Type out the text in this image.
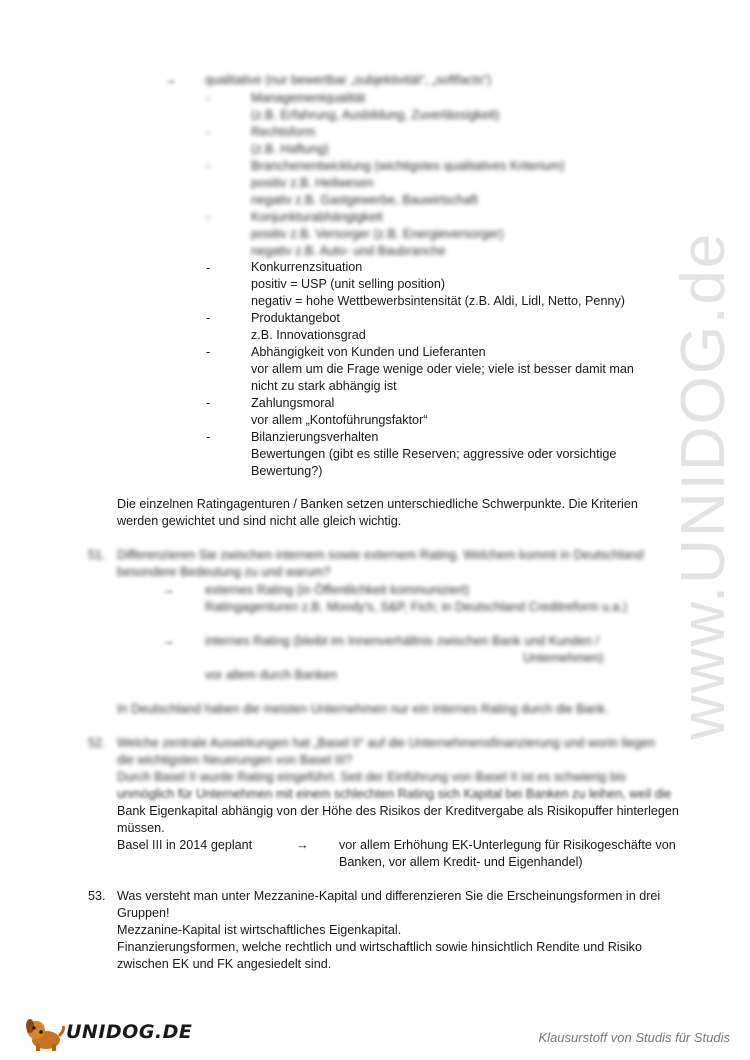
www.UNIDOG.de
→ qualitative (nur bewertbar „subjektivität“, „softfacts“)
-	Managementqualität
(z.B. Erfahrung, Ausbildung, Zuverlässigkeit)
-	Rechtsform
(z.B. Haftung)
-	Branchenentwicklung (wichtigstes qualitatives Kriterium)
positiv z.B. Heilwesen
negativ z.B. Gastgewerbe, Bauwirtschaft
-	Konjunkturabhängigkeit
positiv z.B. Versorger (z.B. Energieversorger)
negativ z.B. Auto- und Baubranche
-	Konkurrenzsituation
positiv = USP (unit selling position)
negativ = hohe Wettbewerbsintensität (z.B. Aldi, Lidl, Netto, Penny)
-	Produktangebot
z.B. Innovationsgrad
-	Abhängigkeit von Kunden und Lieferanten
vor allem um die Frage wenige oder viele; viele ist besser damit man
nicht zu stark abhängig ist
-	Zahlungsmoral
vor allem „Kontoführungsfaktor“
-	Bilanzierungsverhalten
Bewertungen (gibt es stille Reserven; aggressive oder vorsichtige
Bewertung?)
Die einzelnen Ratingagenturen / Banken setzen unterschiedliche Schwerpunkte. Die Kriterien
werden gewichtet und sind nicht alle gleich wichtig.
51. Differenzieren Sie zwischen internem sowie externem Rating. Welchem kommt in Deutschland
besondere Bedeutung zu und warum?
→ externes Rating (in Öffentlichkeit kommuniziert)
Ratingagenturen z.B. Moody's, S&P, Fich; in Deutschland Creditreform u.a.)
→ internes Rating (bleibt im Innenverhältnis zwischen Bank und Kunden /
Unternehmen)
vor allem durch Banken
In Deutschland haben die meisten Unternehmen nur ein internes Rating durch die Bank.
52. Welche zentrale Auswirkungen hat „Basel II“ auf die Unternehmensfinanzierung und worin liegen
die wichtigsten Neuerungen von Basel III?
Durch Basel II wurde Rating eingeführt. Seit der Einführung von Basel II ist es schwierig bis
unmöglich für Unternehmen mit einem schlechten Rating sich Kapital bei Banken zu leihen, weil die
Bank Eigenkapital abhängig von der Höhe des Risikos der Kreditvergabe als Risikopuffer hinterlegen
müssen.
Basel III in 2014 geplant	→ vor allem Erhöhung EK-Unterlegung für Risikogeschäfte von
Banken, vor allem Kredit- und Eigenhandel)
53. Was versteht man unter Mezzanine-Kapital und differenzieren Sie die Erscheinungsformen in drei
Gruppen!
Mezzanine-Kapital ist wirtschaftliches Eigenkapital.
Finanzierungsformen, welche rechtlich und wirtschaftlich sowie hinsichtlich Rendite und Risiko
zwischen EK und FK angesiedelt sind.
UNIDOG.DE	Klausurstoff von Studis für Studis
